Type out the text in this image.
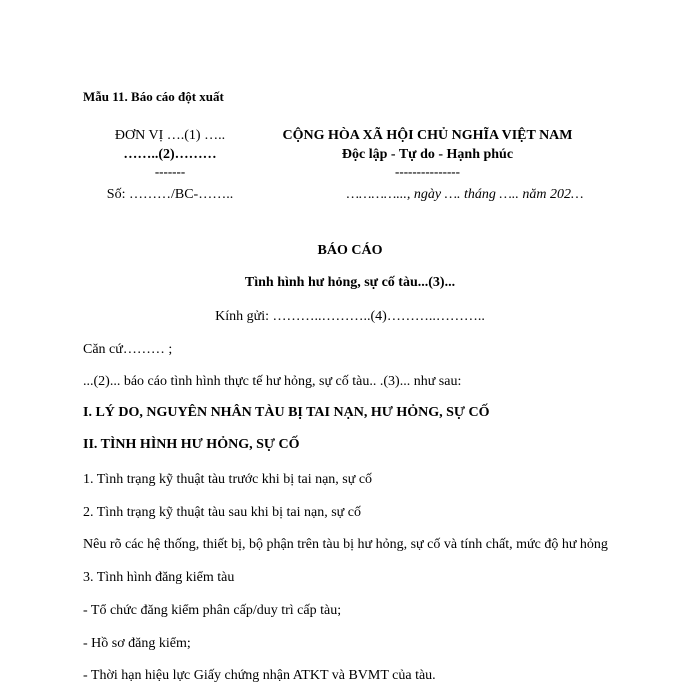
Mẫu 11. Báo cáo đột xuất
ĐƠN VỊ ….(1) …..
……..(2)………
-------
Số: ………/BC-……..
CỘNG HÒA XÃ HỘI CHỦ NGHĨA VIỆT NAM
Độc lập - Tự do - Hạnh phúc
---------------
…………..., ngày …. tháng ….. năm 202…
BÁO CÁO
Tình hình hư hỏng, sự cố tàu...(3)...
Kính gửi: ………..………..(4)………..………..
Căn cứ……… ;
...(2)... báo cáo tình hình thực tế hư hỏng, sự cố tàu.. .(3)... như sau:
I. LÝ DO, NGUYÊN NHÂN TÀU BỊ TAI NẠN, HƯ HỎNG, SỰ CỐ
II. TÌNH HÌNH HƯ HỎNG, SỰ CỐ
1. Tình trạng kỹ thuật tàu trước khi bị tai nạn, sự cố
2. Tình trạng kỹ thuật tàu sau khi bị tai nạn, sự cố
Nêu rõ các hệ thống, thiết bị, bộ phận trên tàu bị hư hỏng, sự cố và tính chất, mức độ hư hỏng
3. Tình hình đăng kiểm tàu
- Tổ chức đăng kiểm phân cấp/duy trì cấp tàu;
- Hồ sơ đăng kiểm;
- Thời hạn hiệu lực Giấy chứng nhận ATKT và BVMT của tàu.
